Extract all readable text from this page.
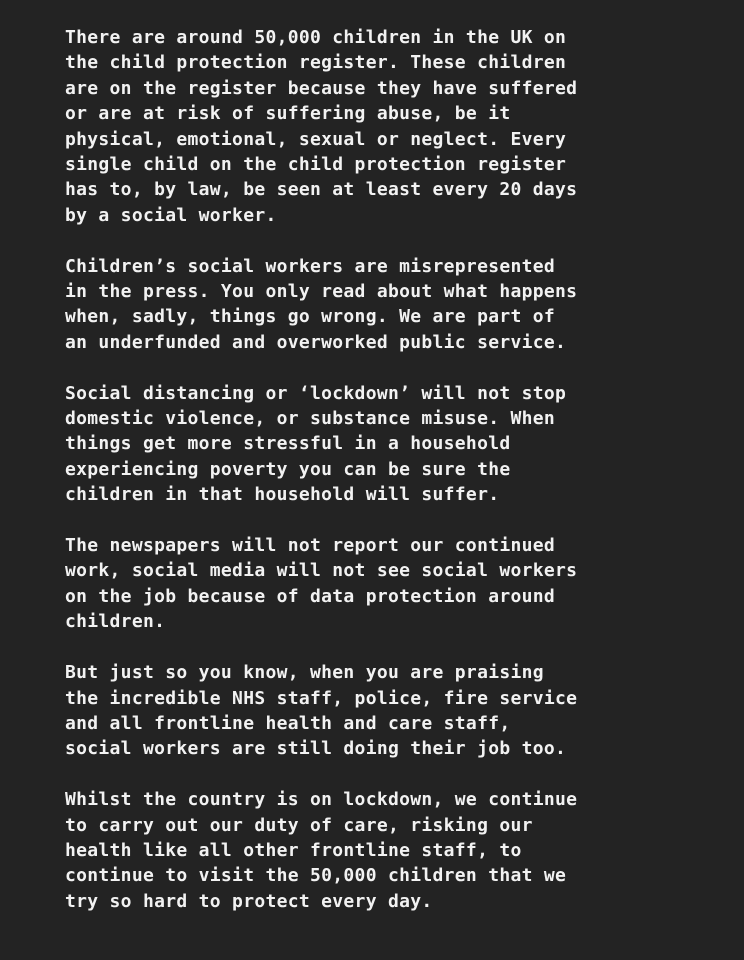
There are around 50,000 children in the UK on
the child protection register. These children
are on the register because they have suffered
or are at risk of suffering abuse, be it
physical, emotional, sexual or neglect. Every
single child on the child protection register
has to, by law, be seen at least every 20 days
by a social worker.

Children’s social workers are misrepresented
in the press. You only read about what happens
when, sadly, things go wrong. We are part of
an underfunded and overworked public service.

Social distancing or ‘lockdown’ will not stop
domestic violence, or substance misuse. When
things get more stressful in a household
experiencing poverty you can be sure the
children in that household will suffer.

The newspapers will not report our continued
work, social media will not see social workers
on the job because of data protection around
children.

But just so you know, when you are praising
the incredible NHS staff, police, fire service
and all frontline health and care staff,
social workers are still doing their job too.

Whilst the country is on lockdown, we continue
to carry out our duty of care, risking our
health like all other frontline staff, to
continue to visit the 50,000 children that we
try so hard to protect every day.
